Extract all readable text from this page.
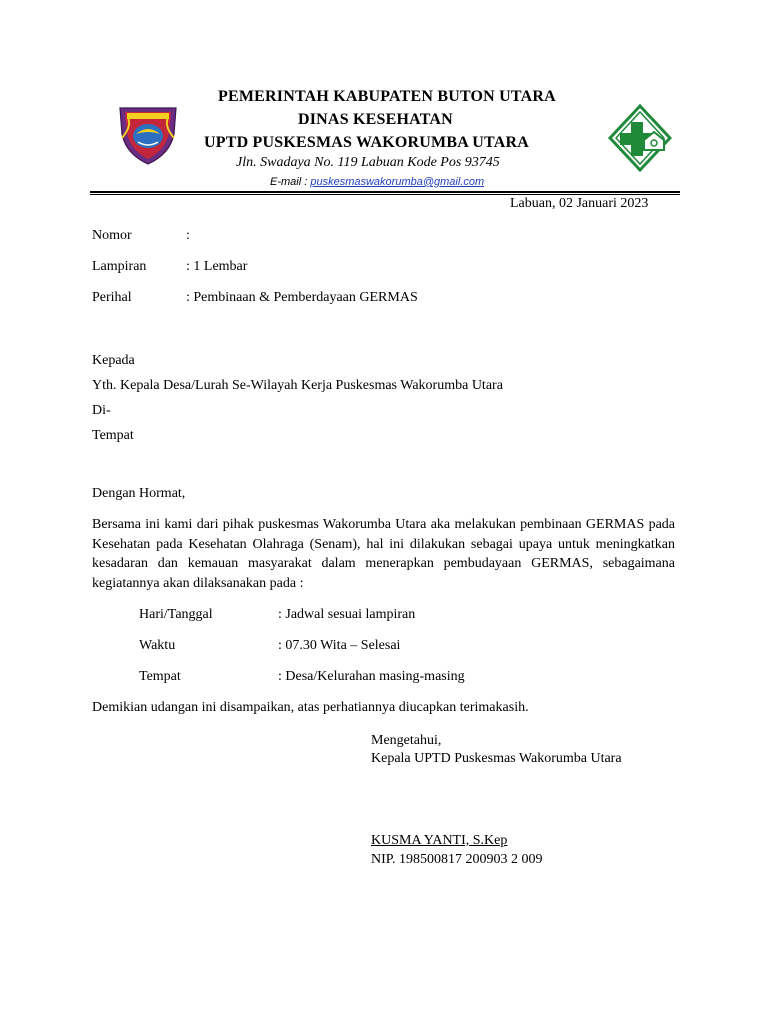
PEMERINTAH KABUPATEN BUTON UTARA
DINAS KESEHATAN
UPTD PUSKESMAS WAKORUMBA UTARA
Jln. Swadaya No. 119 Labuan Kode Pos 93745
E-mail : puskesmaswakorumba@gmail.com
Labuan, 02 Januari 2023
Nomor	:
Lampiran	: 1 Lembar
Perihal	: Pembinaan & Pemberdayaan GERMAS
Kepada
Yth. Kepala Desa/Lurah Se-Wilayah Kerja Puskesmas Wakorumba Utara
Di-
Tempat
Dengan Hormat,
Bersama ini kami dari pihak puskesmas Wakorumba Utara aka melakukan pembinaan GERMAS pada Kesehatan pada Kesehatan Olahraga (Senam), hal ini dilakukan sebagai upaya untuk meningkatkan kesadaran dan kemauan masyarakat dalam menerapkan pembudayaan GERMAS, sebagaimana kegiatannya akan dilaksanakan pada :
Hari/Tanggal	: Jadwal sesuai lampiran
Waktu	: 07.30 Wita – Selesai
Tempat	: Desa/Kelurahan masing-masing
Demikian udangan ini disampaikan, atas perhatiannya diucapkan terimakasih.
Mengetahui,
Kepala UPTD Puskesmas Wakorumba Utara
KUSMA YANTI, S.Kep
NIP. 198500817 200903 2 009
